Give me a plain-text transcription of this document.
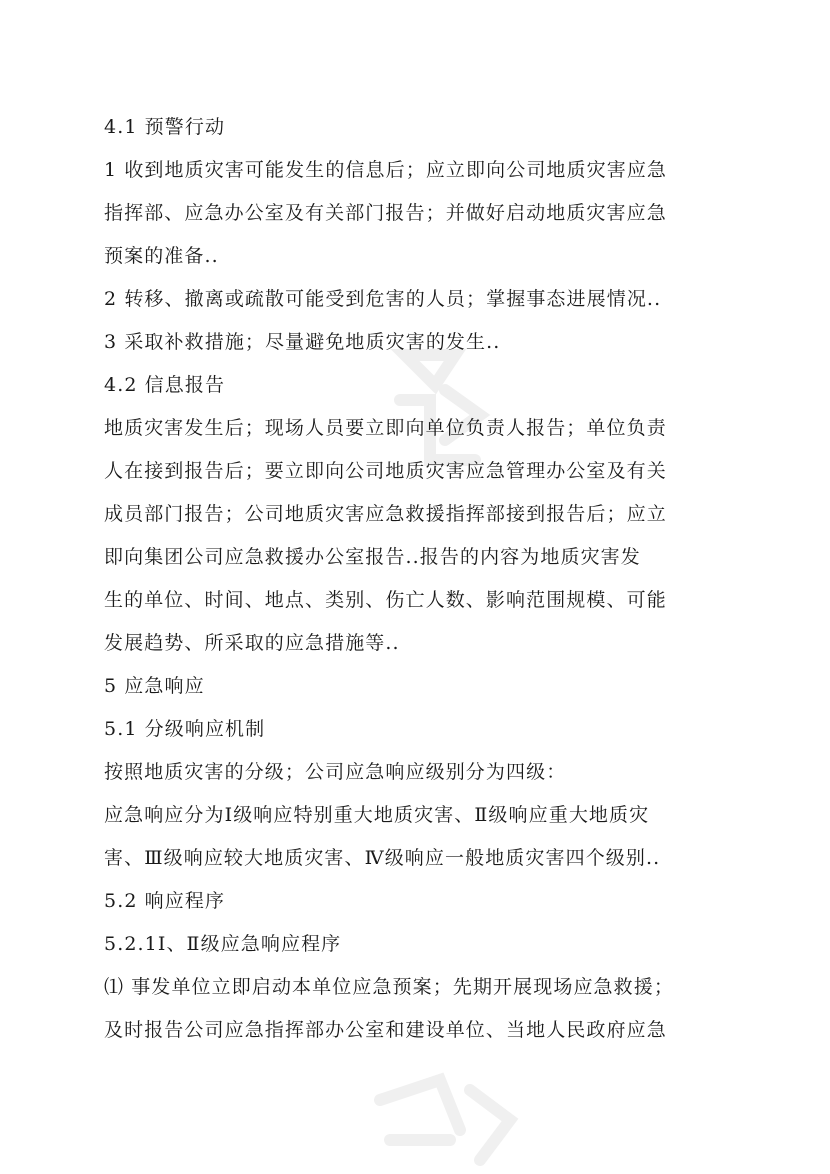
4.1 预警行动
1 收到地质灾害可能发生的信息后；应立即向公司地质灾害应急
指挥部、应急办公室及有关部门报告；并做好启动地质灾害应急
预案的准备..
2 转移、撤离或疏散可能受到危害的人员；掌握事态进展情况..
3 采取补救措施；尽量避免地质灾害的发生..
4.2 信息报告
地质灾害发生后；现场人员要立即向单位负责人报告；单位负责
人在接到报告后；要立即向公司地质灾害应急管理办公室及有关
成员部门报告；公司地质灾害应急救援指挥部接到报告后；应立
即向集团公司应急救援办公室报告..报告的内容为地质灾害发
生的单位、时间、地点、类别、伤亡人数、影响范围规模、可能
发展趋势、所采取的应急措施等..
5 应急响应
5.1 分级响应机制
按照地质灾害的分级；公司应急响应级别分为四级：
应急响应分为Ⅰ级响应特别重大地质灾害、Ⅱ级响应重大地质灾
害、Ⅲ级响应较大地质灾害、Ⅳ级响应一般地质灾害四个级别..
5.2 响应程序
5.2.1Ⅰ、Ⅱ级应急响应程序
⑴ 事发单位立即启动本单位应急预案；先期开展现场应急救援；
及时报告公司应急指挥部办公室和建设单位、当地人民政府应急
